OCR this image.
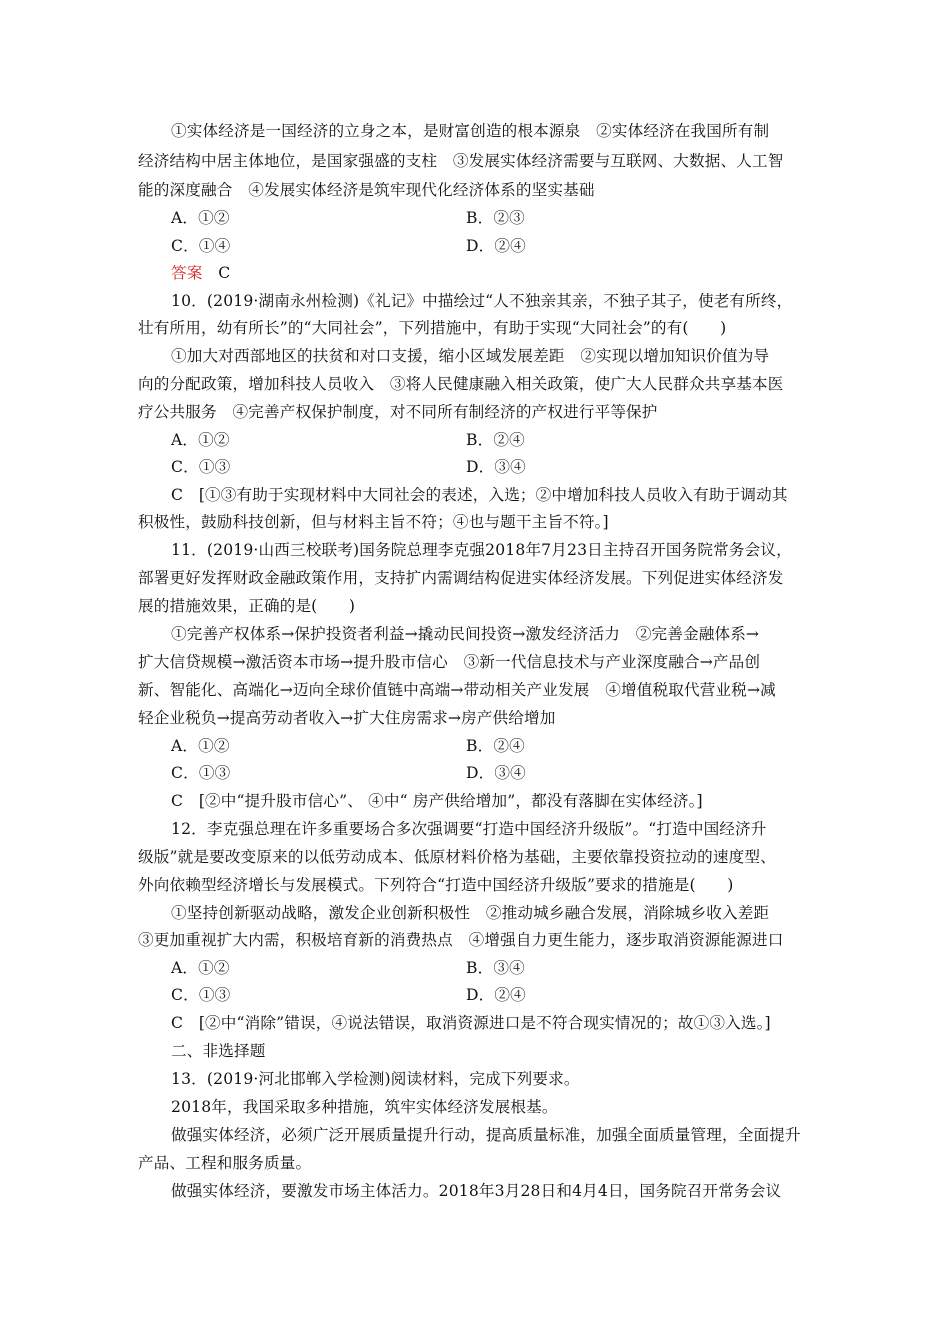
①实体经济是一国经济的立身之本，是财富创造的根本源泉　②实体经济在我国所有制
经济结构中居主体地位，是国家强盛的支柱　③发展实体经济需要与互联网、大数据、人工智
能的深度融合　④发展实体经济是筑牢现代化经济体系的坚实基础
A．①②	B．②③
C．①④	D．②④
答案　 C
10．(2019·湖南永州检测)《礼记》中描绘过“人不独亲其亲，不独子其子，使老有所终，
壮有所用，幼有所长”的“大同社会”，下列措施中，有助于实现“大同社会”的有(　　)
①加大对西部地区的扶贫和对口支援，缩小区域发展差距　②实现以增加知识价值为导
向的分配政策，增加科技人员收入　③将人民健康融入相关政策，使广大人民群众共享基本医
疗公共服务　④完善产权保护制度，对不同所有制经济的产权进行平等保护
A．①②	B．②④
C．①③	D．③④
C　[①③有助于实现材料中大同社会的表述，入选；②中增加科技人员收入有助于调动其
积极性，鼓励科技创新，但与材料主旨不符；④也与题干主旨不符。]
11．(2019·山西三校联考)国务院总理李克强2018年7月23日主持召开国务院常务会议，
部署更好发挥财政金融政策作用，支持扩内需调结构促进实体经济发展。下列促进实体经济发
展的措施效果，正确的是(　　)
①完善产权体系→保护投资者利益→撬动民间投资→激发经济活力　②完善金融体系→
扩大信贷规模→激活资本市场→提升股市信心　③新一代信息技术与产业深度融合→产品创
新、智能化、高端化→迈向全球价值链中高端→带动相关产业发展　④增值税取代营业税→减
轻企业税负→提高劳动者收入→扩大住房需求→房产供给增加
A．①②	B．②④
C．①③	D．③④
C　[②中“提升股市信心”、 ④中“ 房产供给增加”，都没有落脚在实体经济。]
12．李克强总理在许多重要场合多次强调要“打造中国经济升级版”。“打造中国经济升
级版”就是要改变原来的以低劳动成本、低原材料价格为基础，主要依靠投资拉动的速度型、
外向依赖型经济增长与发展模式。下列符合“打造中国经济升级版”要求的措施是(　　)
①坚持创新驱动战略，激发企业创新积极性　②推动城乡融合发展，消除城乡收入差距
③更加重视扩大内需，积极培育新的消费热点　④增强自力更生能力，逐步取消资源能源进口
A．①②	B．③④
C．①③	D．②④
C　[②中“消除”错误，④说法错误，取消资源进口是不符合现实情况的；故①③入选。]
二、非选择题
13．(2019·河北邯郸入学检测)阅读材料，完成下列要求。
2018年，我国采取多种措施，筑牢实体经济发展根基。
做强实体经济，必须广泛开展质量提升行动，提高质量标准，加强全面质量管理，全面提升
产品、工程和服务质量。
做强实体经济，要激发市场主体活力。2018年3月28日和4月4日，国务院召开常务会议
